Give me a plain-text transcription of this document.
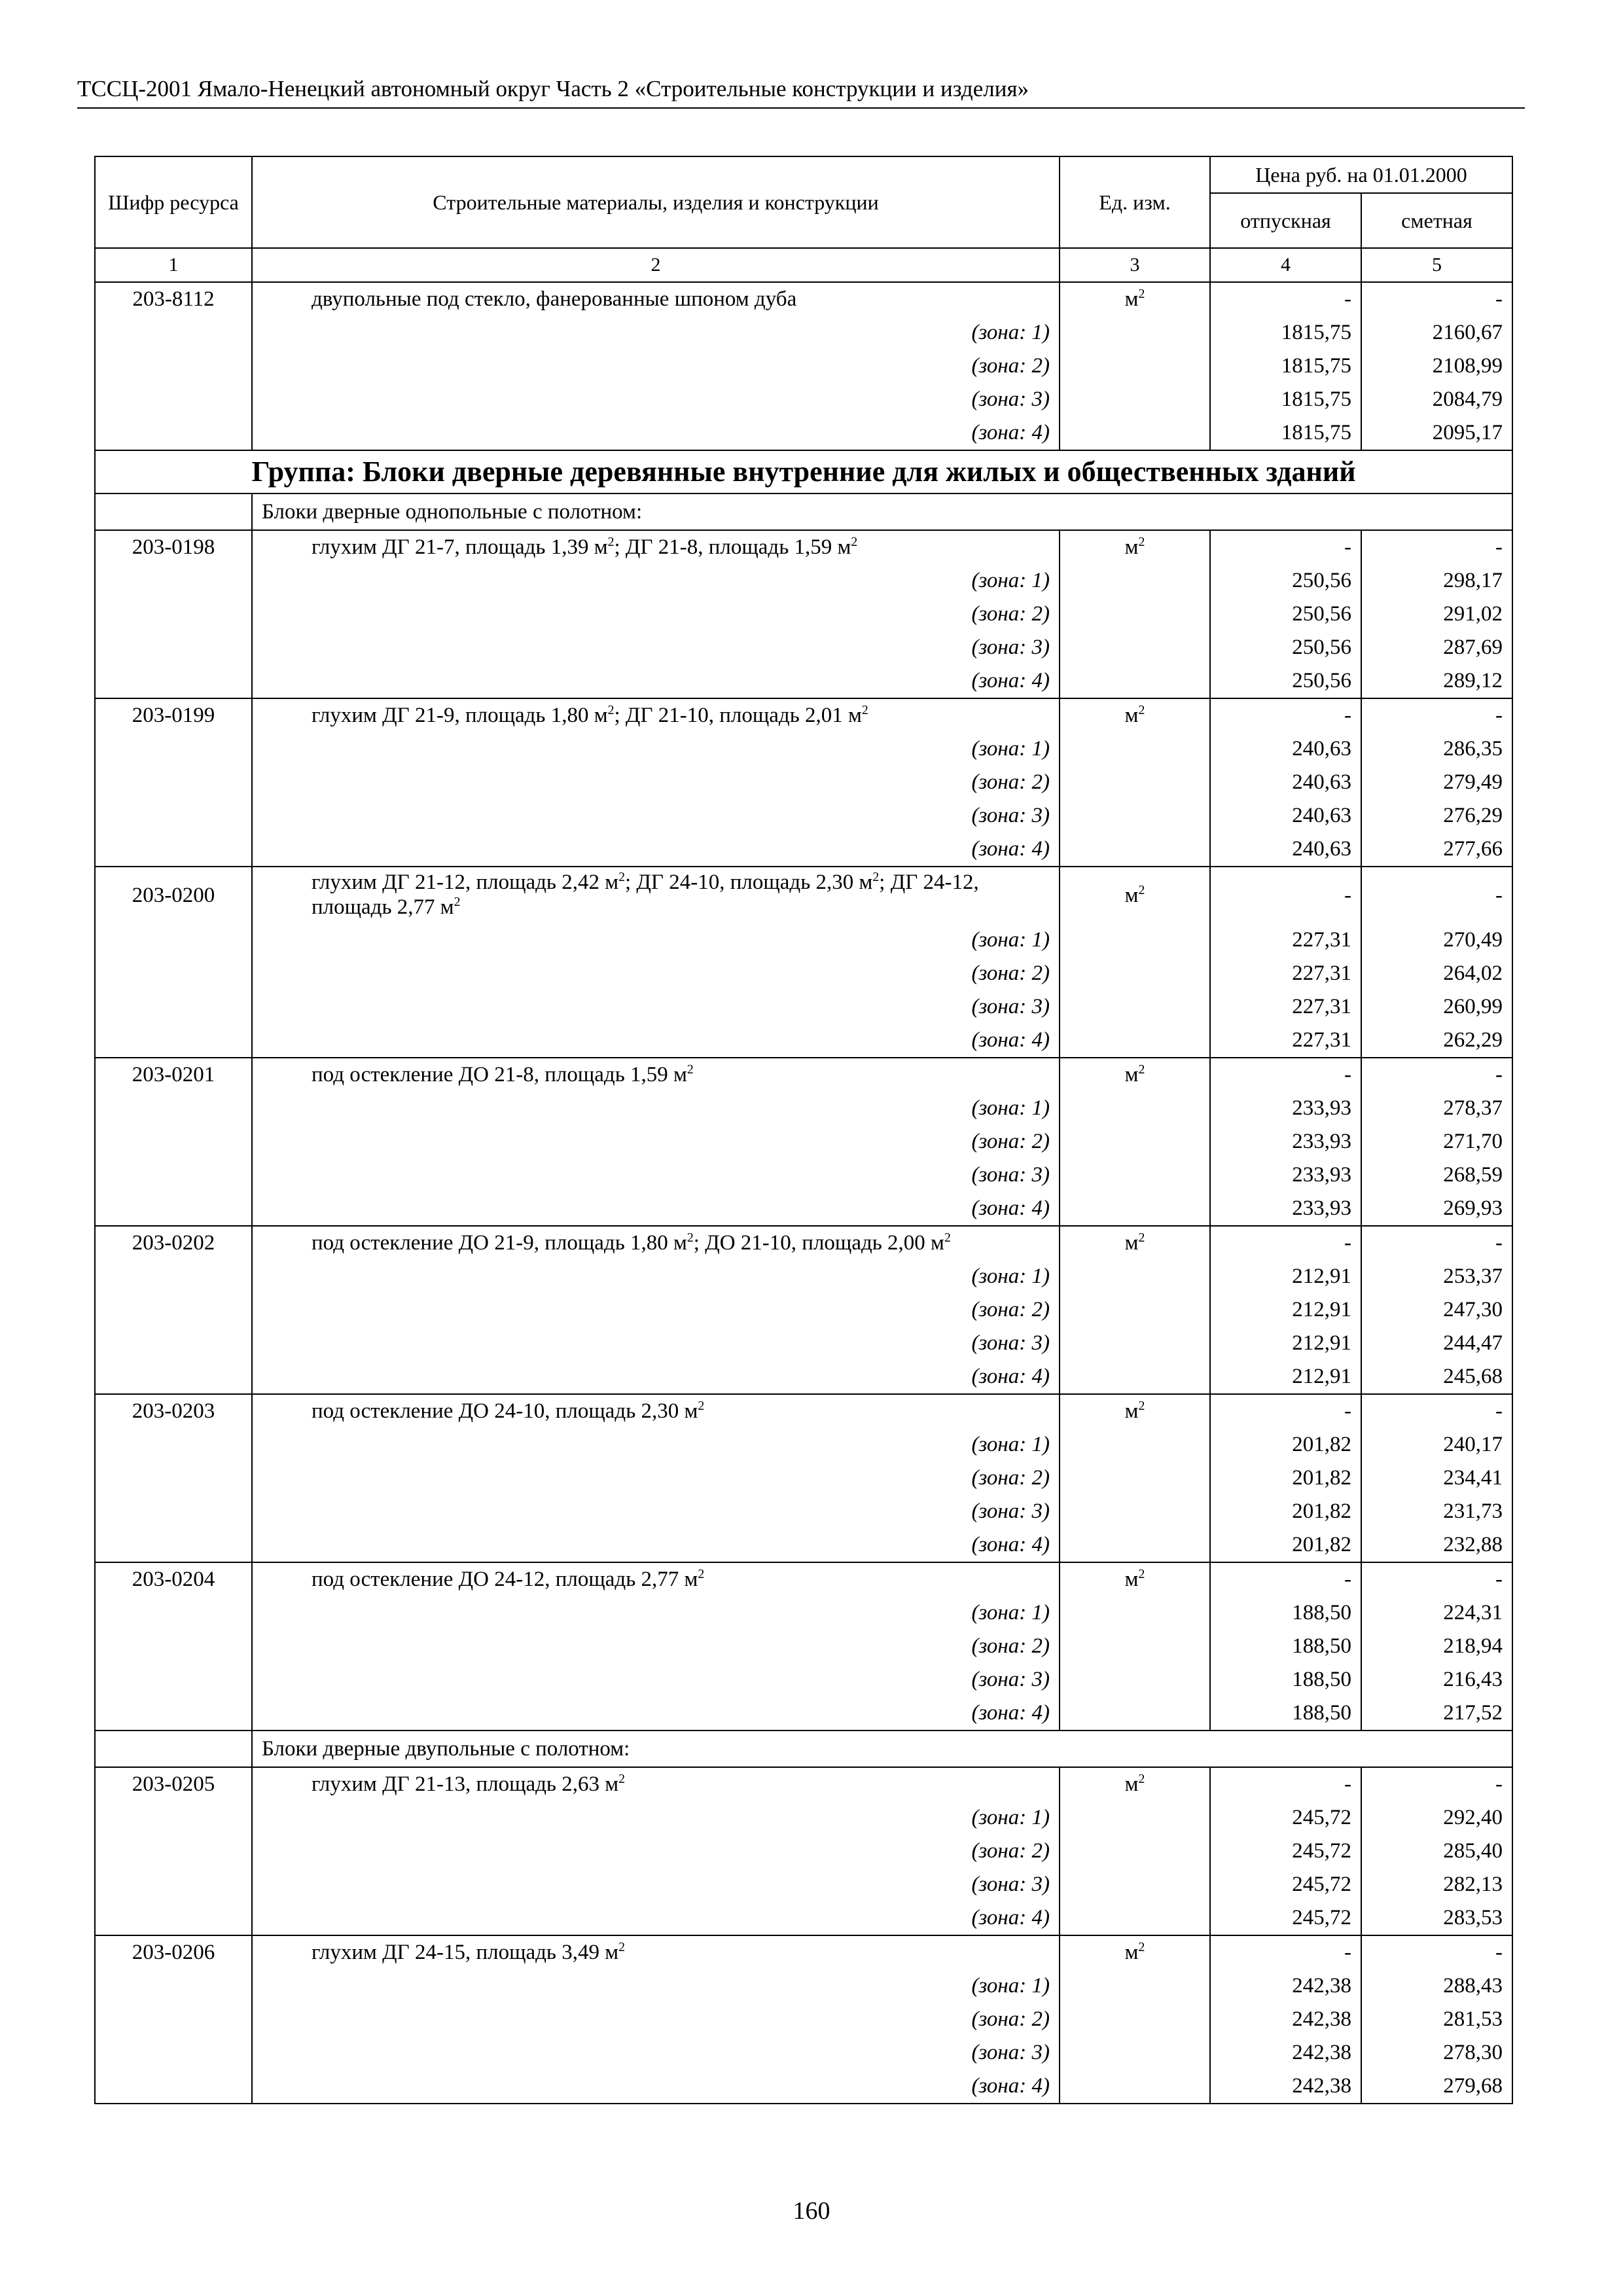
ТССЦ-2001 Ямало-Ненецкий автономный округ Часть 2 «Строительные конструкции и изделия»
Шифр ресурса	Строительные материалы, изделия и конструкции	Ед. изм.	Цена руб. на 01.01.2000	
			отпускная	сметная
1	2	3	4	5
203-8112	двупольные под стекло, фанерованные шпоном дуба	$м^2$	-	-
	(зона: 1)		1815,75	2160,67
	(зона: 2)		1815,75	2108,99
	(зона: 3)		1815,75	2084,79
	(зона: 4)		1815,75	2095,17
Группа: Блоки дверные деревянные внутренние для жилых и общественных зданий				
	Блоки дверные однопольные с полотном:			
203-0198	глухим ДГ 21-7, площадь 1,39 $м^2$; ДГ 21-8, площадь 1,59 $м^2$	$м^2$	-	-
	(зона: 1)		250,56	298,17
	(зона: 2)		250,56	291,02
	(зона: 3)		250,56	287,69
	(зона: 4)		250,56	289,12
203-0199	глухим ДГ 21-9, площадь 1,80 $м^2$; ДГ 21-10, площадь 2,01 $м^2$	$м^2$	-	-
	(зона: 1)		240,63	286,35
	(зона: 2)		240,63	279,49
	(зона: 3)		240,63	276,29
	(зона: 4)		240,63	277,66
203-0200	глухим ДГ 21-12, площадь 2,42 $м^2$; ДГ 24-10, площадь 2,30 $м^2$; ДГ 24-12, площадь 2,77 $м^2$	$м^2$	-	-
	(зона: 1)		227,31	270,49
	(зона: 2)		227,31	264,02
	(зона: 3)		227,31	260,99
	(зона: 4)		227,31	262,29
203-0201	под остекление ДО 21-8, площадь 1,59 $м^2$	$м^2$	-	-
	(зона: 1)		233,93	278,37
	(зона: 2)		233,93	271,70
	(зона: 3)		233,93	268,59
	(зона: 4)		233,93	269,93
203-0202	под остекление ДО 21-9, площадь 1,80 $м^2$; ДО 21-10, площадь 2,00 $м^2$	$м^2$	-	-
	(зона: 1)		212,91	253,37
	(зона: 2)		212,91	247,30
	(зона: 3)		212,91	244,47
	(зона: 4)		212,91	245,68
203-0203	под остекление ДО 24-10, площадь 2,30 $м^2$	$м^2$	-	-
	(зона: 1)		201,82	240,17
	(зона: 2)		201,82	234,41
	(зона: 3)		201,82	231,73
	(зона: 4)		201,82	232,88
203-0204	под остекление ДО 24-12, площадь 2,77 $м^2$	$м^2$	-	-
	(зона: 1)		188,50	224,31
	(зона: 2)		188,50	218,94
	(зона: 3)		188,50	216,43
	(зона: 4)		188,50	217,52
	Блоки дверные двупольные с полотном:			
203-0205	глухим ДГ 21-13, площадь 2,63 $м^2$	$м^2$	-	-
	(зона: 1)		245,72	292,40
	(зона: 2)		245,72	285,40
	(зона: 3)		245,72	282,13
	(зона: 4)		245,72	283,53
203-0206	глухим ДГ 24-15, площадь 3,49 $м^2$	$м^2$	-	-
	(зона: 1)		242,38	288,43
	(зона: 2)		242,38	281,53
	(зона: 3)		242,38	278,30
	(зона: 4)		242,38	279,68
160
